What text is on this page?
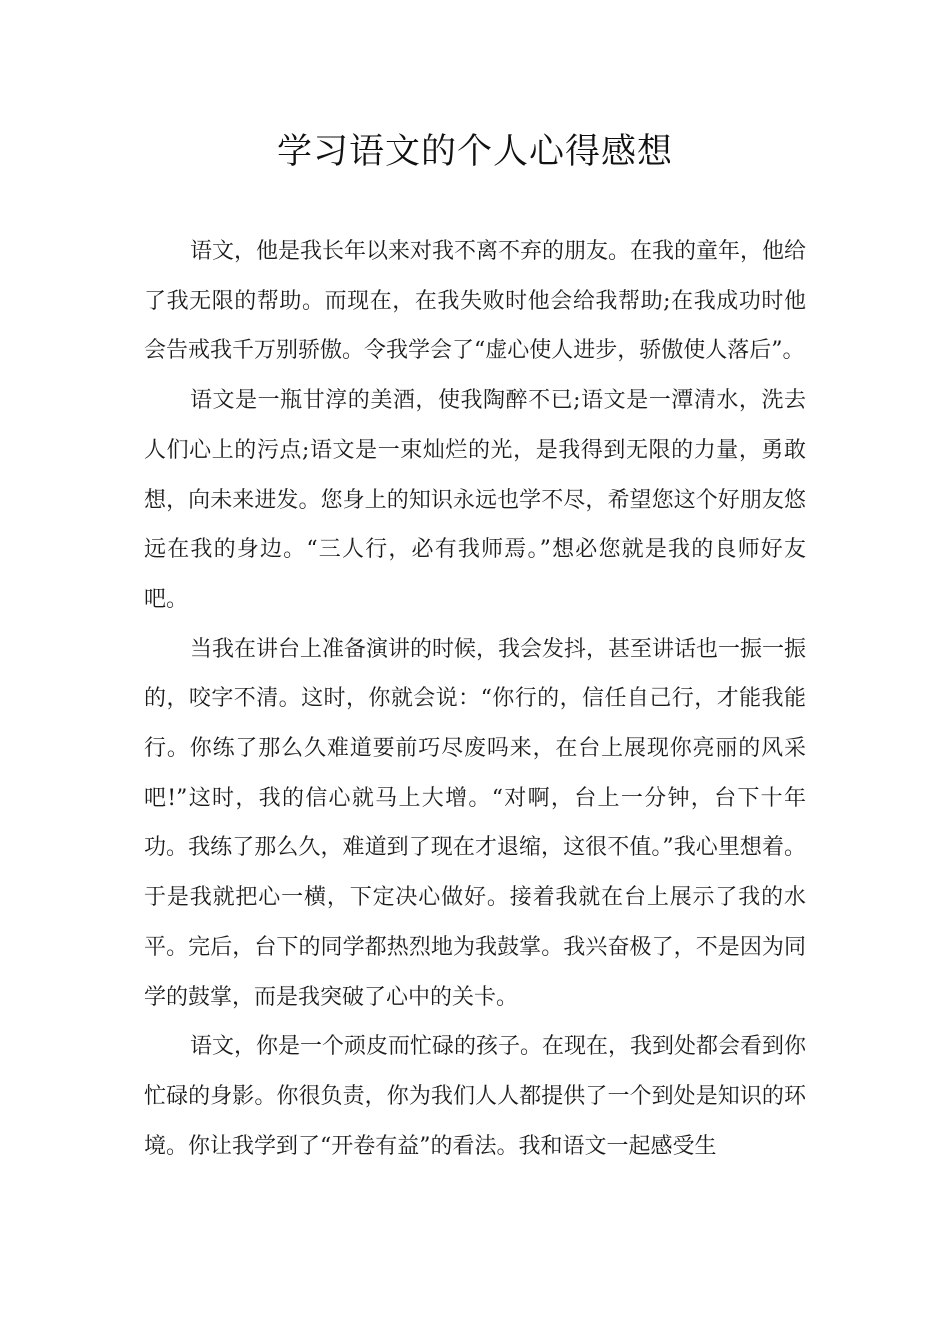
学习语文的个人心得感想

语文，他是我长年以来对我不离不弃的朋友。在我的童年，他给了我无限的帮助。而现在，在我失败时他会给我帮助;在我成功时他会告戒我千万别骄傲。令我学会了“虚心使人进步，骄傲使人落后”。

语文是一瓶甘淳的美酒，使我陶醉不已;语文是一潭清水，洗去人们心上的污点;语文是一束灿烂的光，是我得到无限的力量，勇敢想，向未来进发。您身上的知识永远也学不尽，希望您这个好朋友悠远在我的身边。“三人行，必有我师焉。”想必您就是我的良师好友吧。

当我在讲台上准备演讲的时候，我会发抖，甚至讲话也一振一振的，咬字不清。这时，你就会说：“你行的，信任自己行，才能我能行。你练了那么久难道要前巧尽废吗来，在台上展现你亮丽的风采吧!”这时，我的信心就马上大增。“对啊，台上一分钟，台下十年功。我练了那么久，难道到了现在才退缩，这很不值。”我心里想着。于是我就把心一横，下定决心做好。接着我就在台上展示了我的水平。完后，台下的同学都热烈地为我鼓掌。我兴奋极了，不是因为同学的鼓掌，而是我突破了心中的关卡。

语文，你是一个顽皮而忙碌的孩子。在现在，我到处都会看到你忙碌的身影。你很负责，你为我们人人都提供了一个到处是知识的环境。你让我学到了“开卷有益”的看法。我和语文一起感受生
